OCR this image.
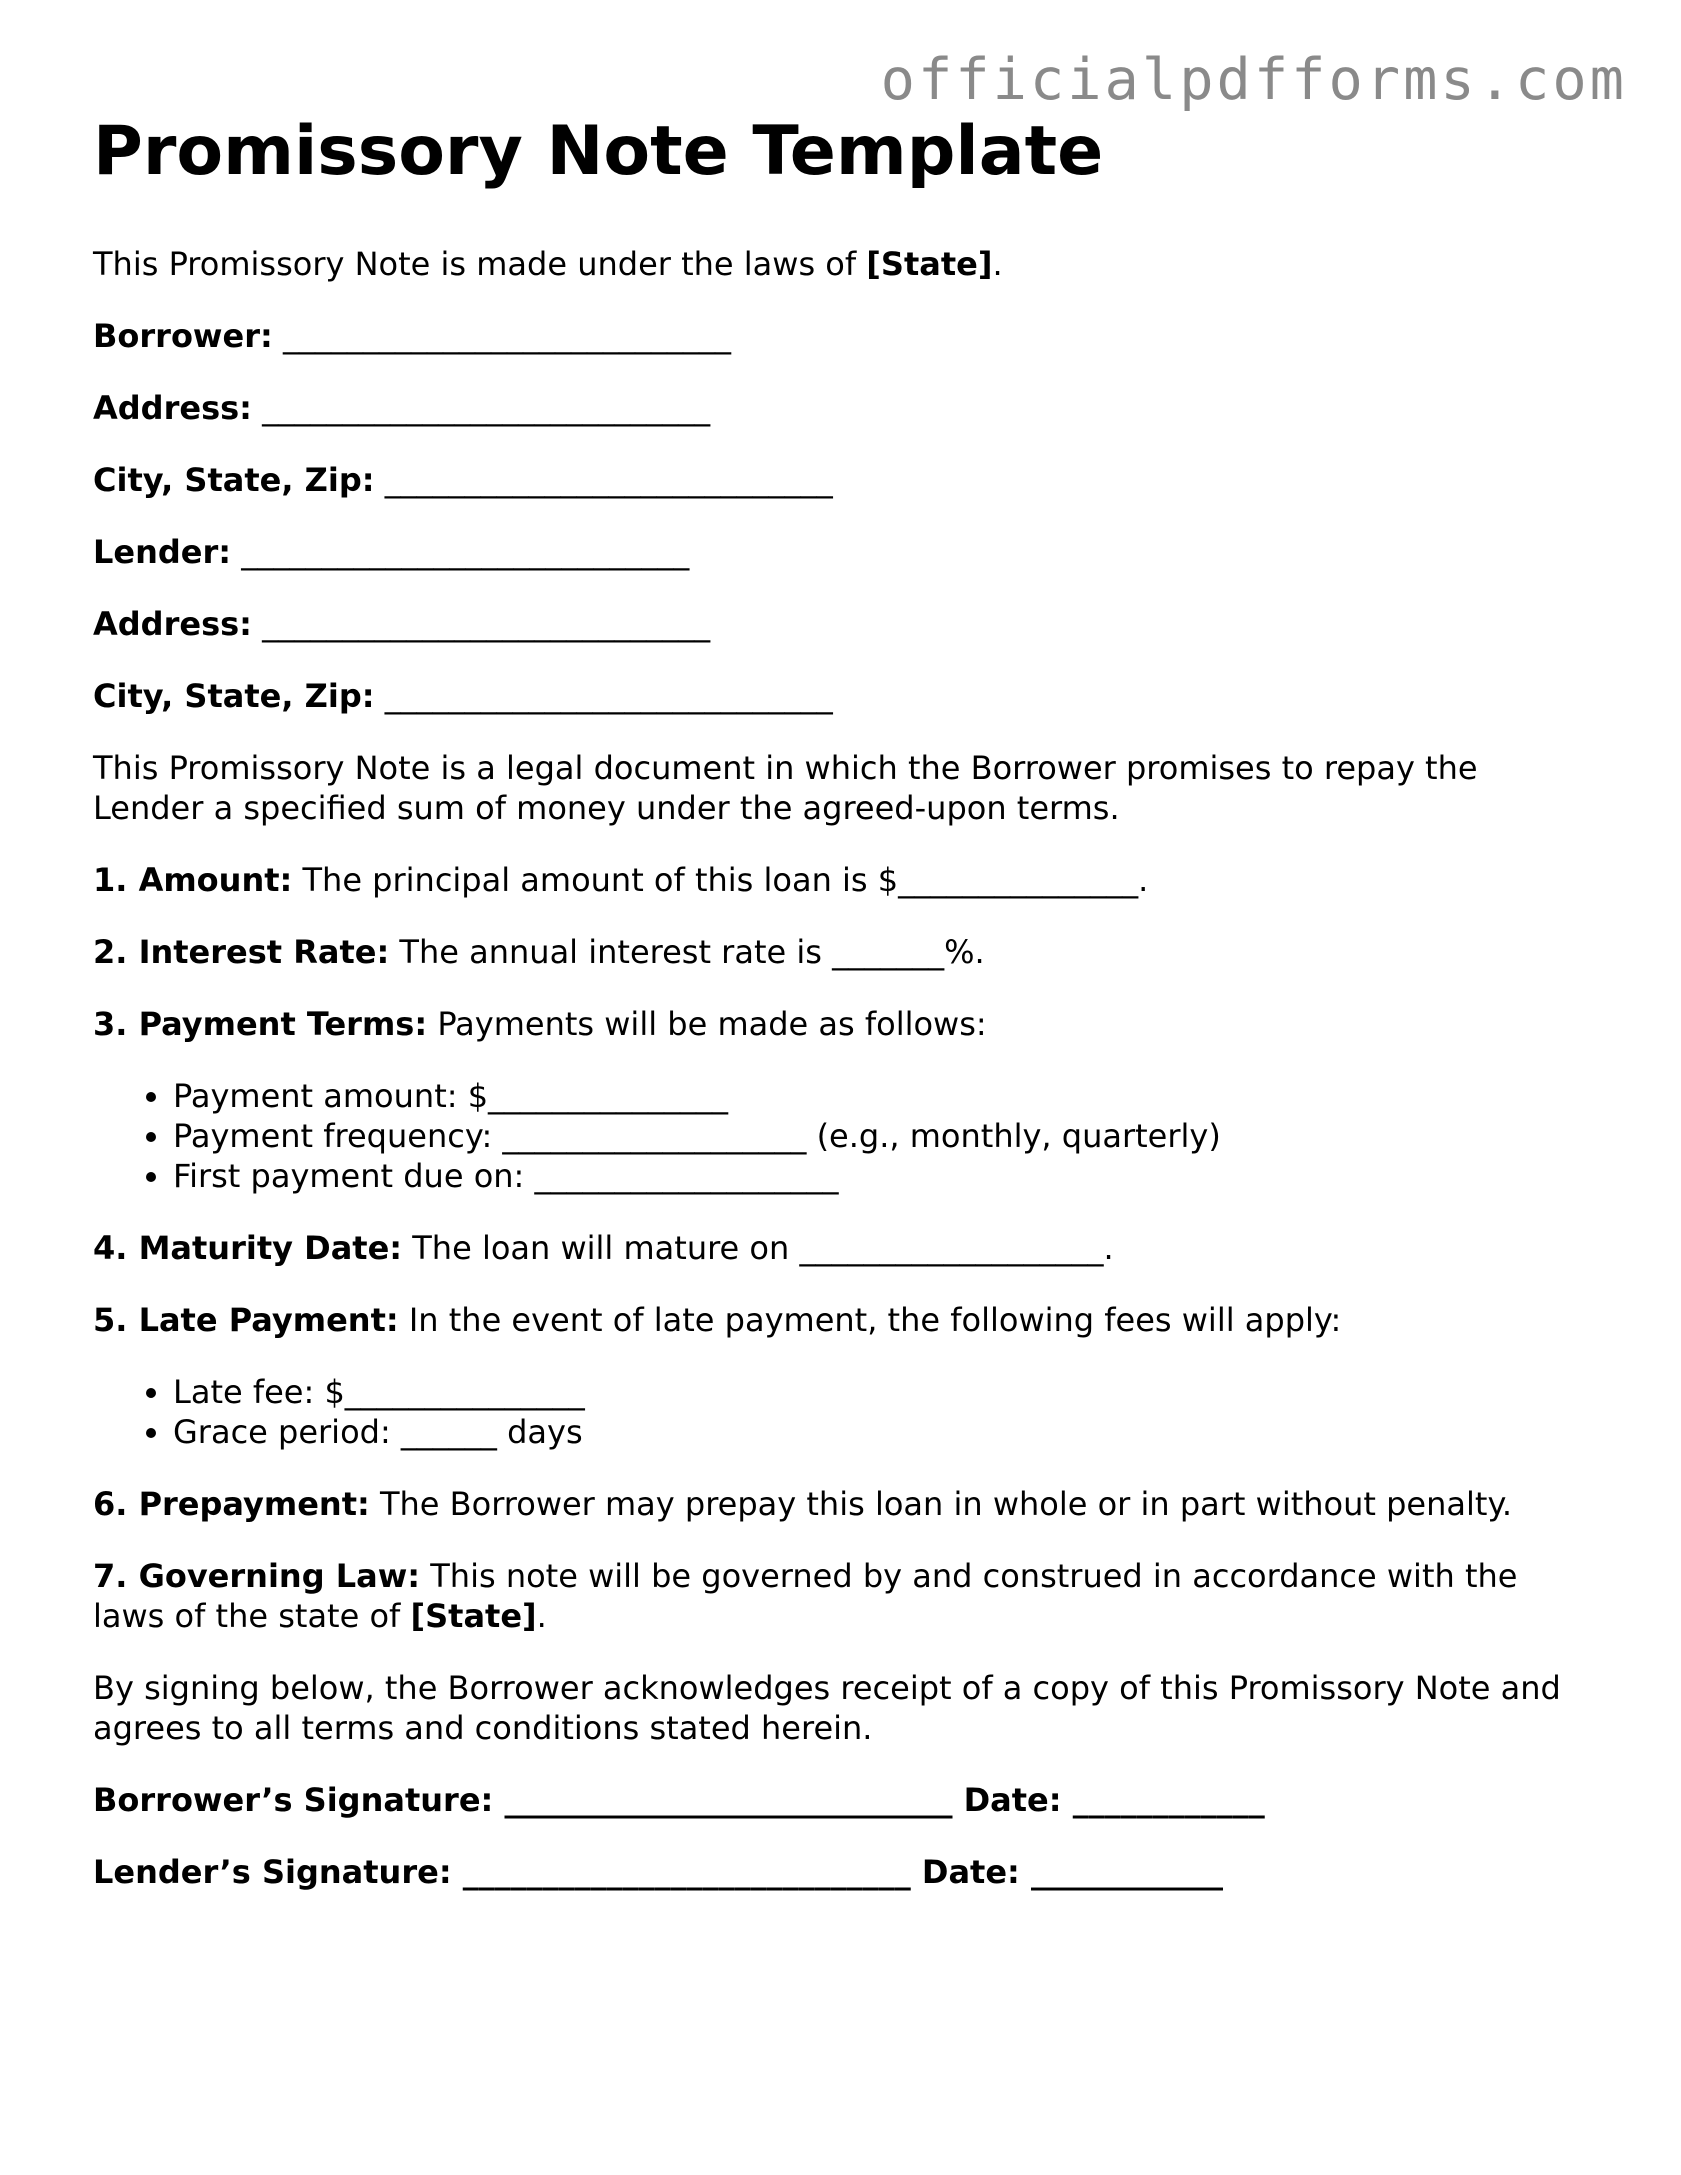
officialpdfforms.com
Promissory Note Template

This Promissory Note is made under the laws of [State].

Borrower: ____________________________

Address: ____________________________

City, State, Zip: ____________________________

Lender: ____________________________

Address: ____________________________

City, State, Zip: ____________________________

This Promissory Note is a legal document in which the Borrower promises to repay the Lender a specified sum of money under the agreed-upon terms.

1. Amount: The principal amount of this loan is $_______________.

2. Interest Rate: The annual interest rate is _______%.

3. Payment Terms: Payments will be made as follows:

• Payment amount: $_______________
• Payment frequency: ___________________ (e.g., monthly, quarterly)
• First payment due on: ___________________

4. Maturity Date: The loan will mature on ___________________.

5. Late Payment: In the event of late payment, the following fees will apply:

• Late fee: $_______________
• Grace period: ______ days

6. Prepayment: The Borrower may prepay this loan in whole or in part without penalty.

7. Governing Law: This note will be governed by and construed in accordance with the laws of the state of [State].

By signing below, the Borrower acknowledges receipt of a copy of this Promissory Note and agrees to all terms and conditions stated herein.

Borrower’s Signature: ____________________________ Date: ____________

Lender’s Signature: ____________________________ Date: ____________
